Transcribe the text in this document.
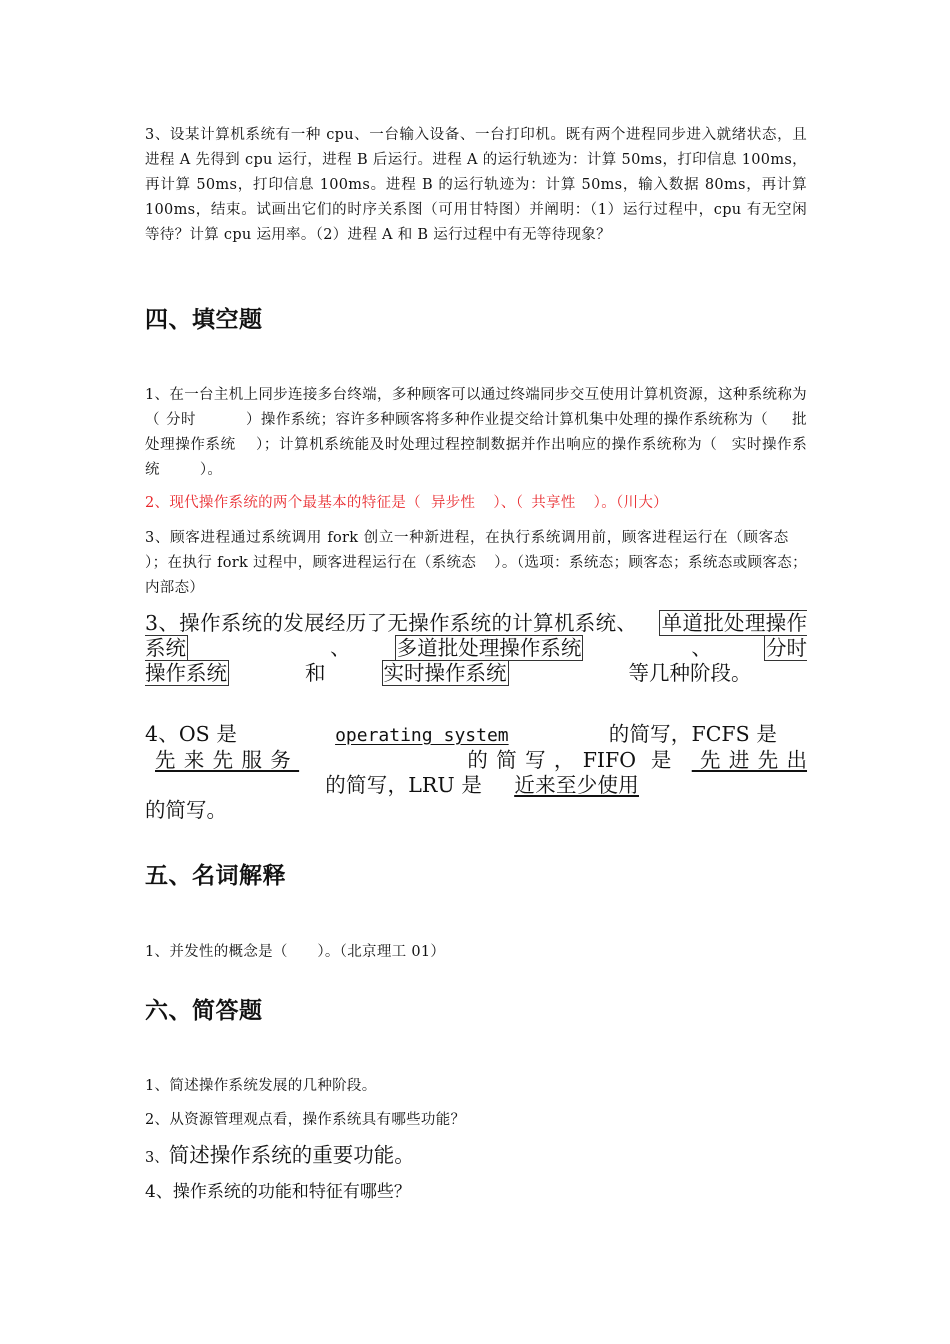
3、设某计算机系统有一种 cpu、一台输入设备、一台打印机。既有两个进程同步进入就绪状态，且进程 A 先得到 cpu 运行，进程 B 后运行。进程 A 的运行轨迹为：计算 50ms，打印信息 100ms，再计算 50ms，打印信息 100ms。进程 B 的运行轨迹为：计算 50ms，输入数据 80ms，再计算 100ms，结束。试画出它们的时序关系图（可用甘特图）并阐明：（1）运行过程中，cpu 有无空闲等待？计算 cpu 运用率。（2）进程 A 和 B 运行过程中有无等待现象？
四、填空题
1、在一台主机上同步连接多台终端，多种顾客可以通过终端同步交互使用计算机资源，这种系统称为（ 分时	）操作系统；容许多种顾客将多种作业提交给计算机集中处理的操作系统称为（ 批处理操作系统 ）；计算机系统能及时处理过程控制数据并作出响应的操作系统称为（ 实时操作系统	）。
2、现代操作系统的两个最基本的特征是（ 异步性 ）、（ 共享性 ）。（川大）
3、顾客进程通过系统调用 fork 创立一种新进程，在执行系统调用前，顾客进程运行在（顾客态）；在执行 fork 过程中，顾客进程运行在（系统态 ）。（选项：系统态；顾客态；系统态或顾客态；内部态）
3、操作系统的发展经历了无操作系统的计算机系统、 单道批处理操作系统	、 多道批处理操作系统	、	分时操作系统	和	实时操作系统	等几种阶段。
4、OS 是	operating system	的简写，FCFS 是先来先服务	的简写，FIFO 是 先进先出的简写，LRU 是 近来至少使用的简写。
五、名词解释
1、并发性的概念是（　　）。（北京理工 01）
六、简答题
1、简述操作系统发展的几种阶段。
2、从资源管理观点看，操作系统具有哪些功能？
3、简述操作系统的重要功能。
4、操作系统的功能和特征有哪些？
